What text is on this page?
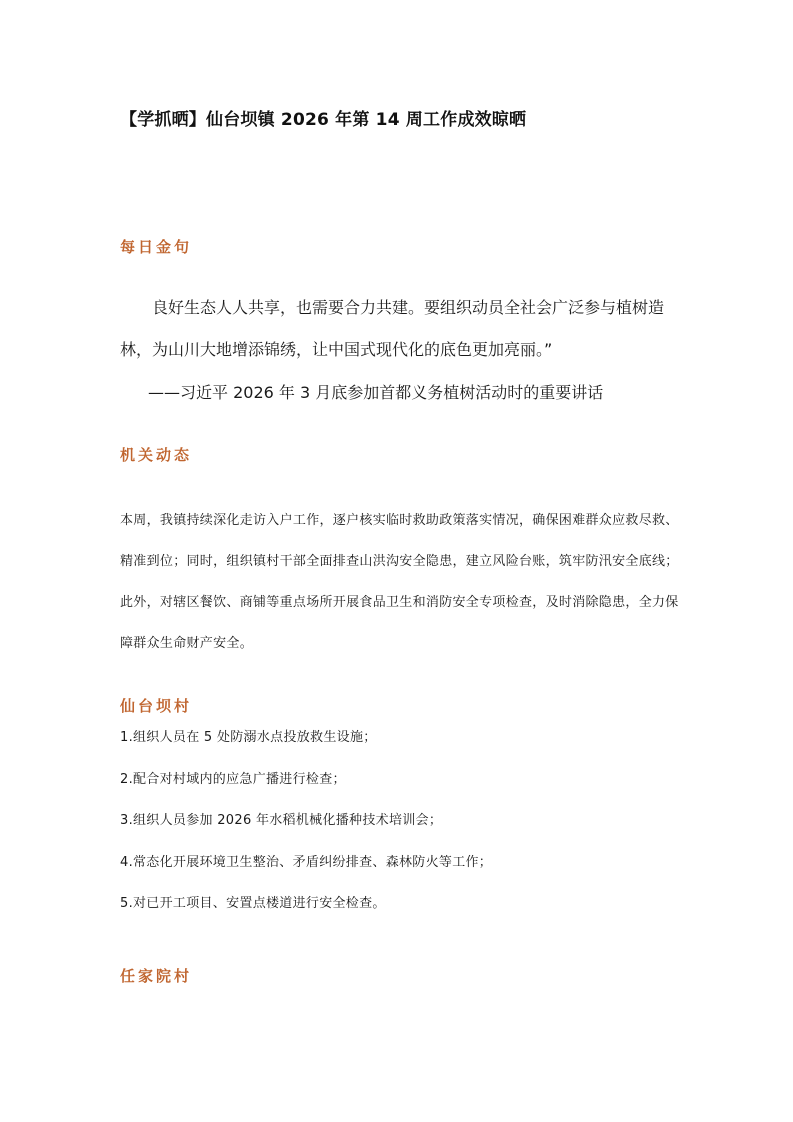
【学抓晒】仙台坝镇 2026 年第 14 周工作成效晾晒
每日金句

良好生态人人共享，也需要合力共建。要组织动员全社会广泛参与植树造林，为山川大地增添锦绣，让中国式现代化的底色更加亮丽。”

——习近平 2026 年 3 月底参加首都义务植树活动时的重要讲话
机关动态

本周，我镇持续深化走访入户工作，逐户核实临时救助政策落实情况，确保困难群众应救尽救、精准到位；同时，组织镇村干部全面排查山洪沟安全隐患，建立风险台账，筑牢防汛安全底线；此外，对辖区餐饮、商铺等重点场所开展食品卫生和消防安全专项检查，及时消除隐患，全力保障群众生命财产安全。

仙台坝村
1.组织人员在 5 处防溺水点投放救生设施；
2.配合对村域内的应急广播进行检查；
3.组织人员参加 2026 年水稻机械化播种技术培训会；
4.常态化开展环境卫生整治、矛盾纠纷排查、森林防火等工作；
5.对已开工项目、安置点楼道进行安全检查。
任家院村
